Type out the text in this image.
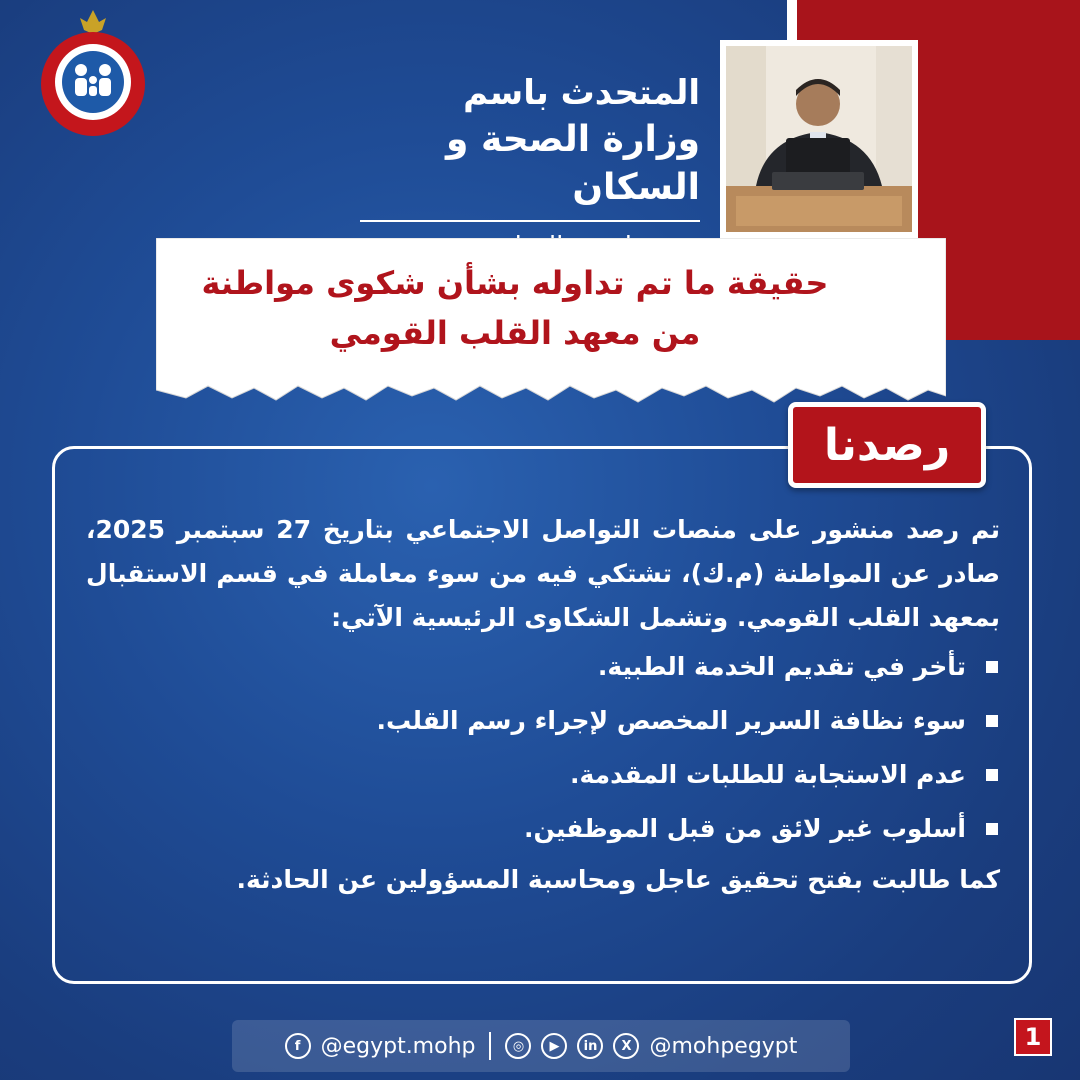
المتحدث باسم
وزارة الصحة و السكان
حقيقة ما تم تداوله بشأن شكوى مواطنة
من معهد القلب القومي
رصدنا

تم رصد منشور على منصات التواصل الاجتماعي بتاريخ 27 سبتمبر 2025، صادر عن المواطنة (م.ك)، تشتكي فيه من سوء معاملة في قسم الاستقبال بمعهد القلب القومي. وتشمل الشكاوى الرئيسية الآتي:

تأخر في تقديم الخدمة الطبية.
سوء نظافة السرير المخصص لإجراء رسم القلب.
عدم الاستجابة للطلبات المقدمة.
أسلوب غير لائق من قبل الموظفين.

كما طالبت بفتح تحقيق عاجل ومحاسبة المسؤولين عن الحادثة.

f @egypt.mohp	◎	▶	in	X @mohpegypt	1
